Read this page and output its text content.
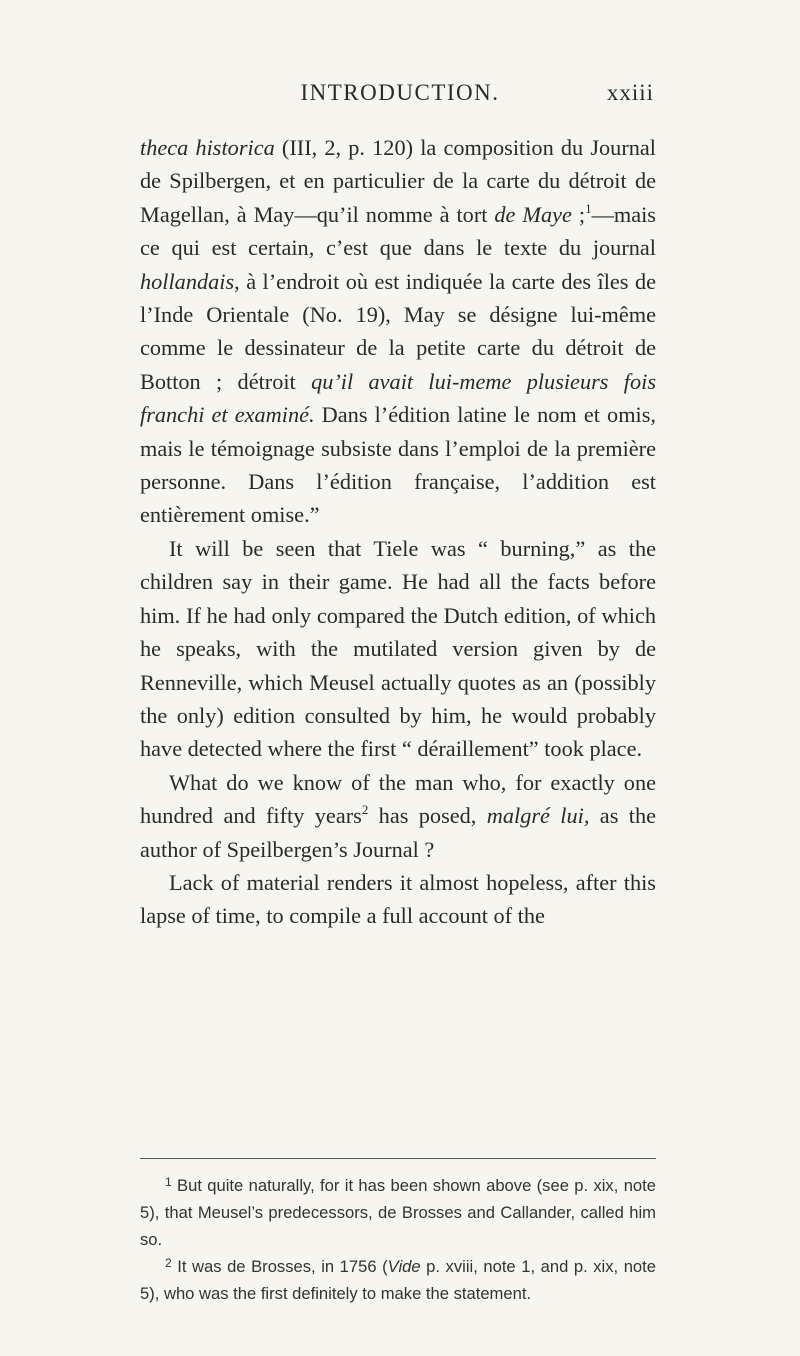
INTRODUCTION.	xxiii

theca historica (III, 2, p. 120) la composition du Journal de Spilbergen, et en particulier de la carte du détroit de Magellan, à May—qu’il nomme à tort de Maye ;$^1$—mais ce qui est certain, c’est que dans le texte du journal hollandais, à l’endroit où est indiquée la carte des îles de l’Inde Orientale (No. 19), May se désigne lui-même comme le dessinateur de la petite carte du détroit de Botton ; détroit qu’il avait lui-meme plusieurs fois franchi et examiné. Dans l’édition latine le nom et omis, mais le témoignage subsiste dans l’emploi de la première personne. Dans l’édition française, l’addition est entièrement omise.”

It will be seen that Tiele was “ burning,” as the children say in their game. He had all the facts before him. If he had only compared the Dutch edition, of which he speaks, with the mutilated version given by de Renneville, which Meusel actually quotes as an (possibly the only) edition consulted by him, he would probably have detected where the first “ déraillement” took place.

What do we know of the man who, for exactly one hundred and fifty years$^2$ has posed, malgré lui, as the author of Speilbergen’s Journal ?

Lack of material renders it almost hopeless, after this lapse of time, to compile a full account of the

$^1$ But quite naturally, for it has been shown above (see p. xix, note 5), that Meusel’s predecessors, de Brosses and Callander, called him so.

$^2$ It was de Brosses, in 1756 (Vide p. xviii, note 1, and p. xix, note 5), who was the first definitely to make the statement.
